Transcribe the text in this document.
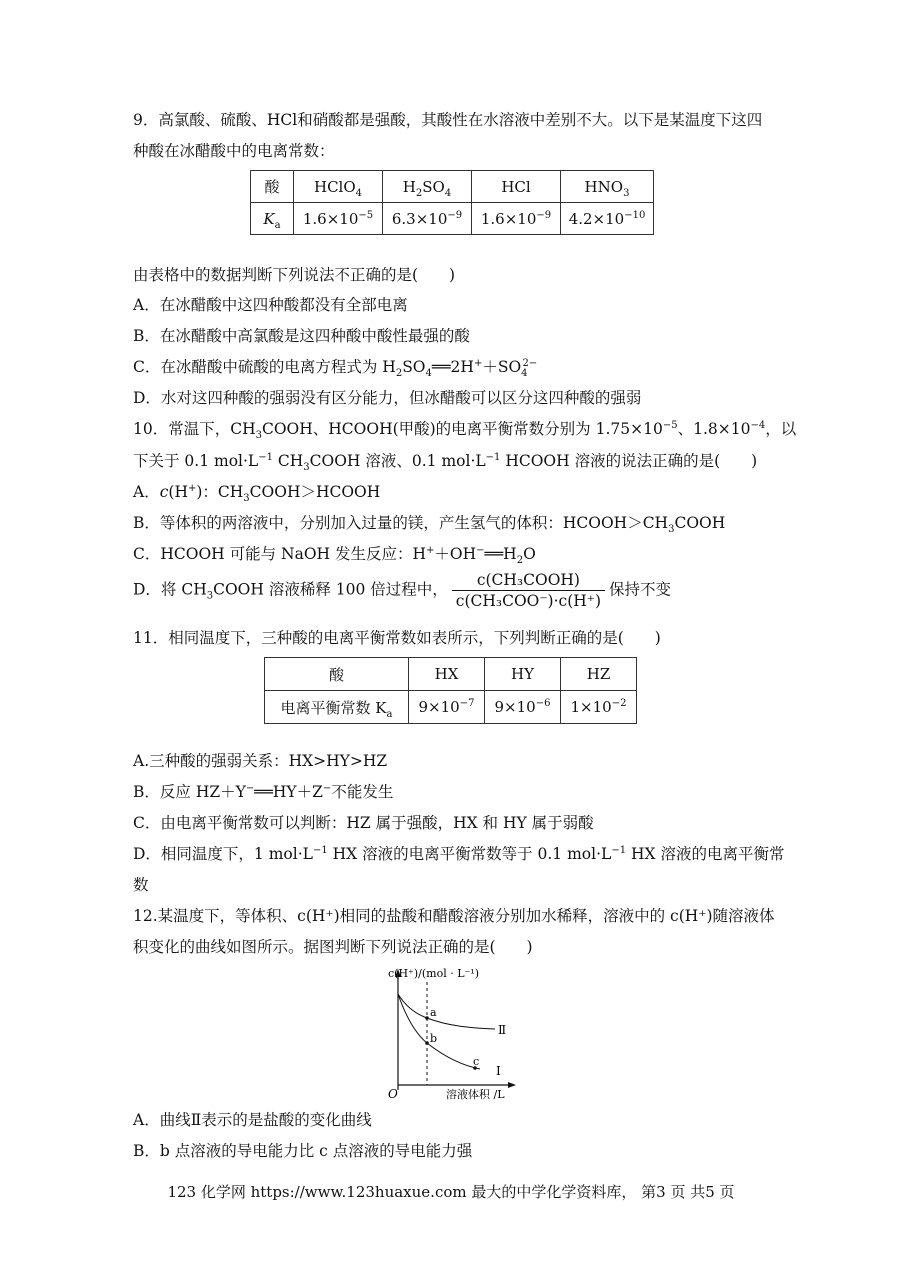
9．高氯酸、硫酸、HCl和硝酸都是强酸，其酸性在水溶液中差别不大。以下是某温度下这四
种酸在冰醋酸中的电离常数：
酸	HClO$_4$	$H_2SO_4$	HCl	$HNO_3$
$K_a$	$1.6\times 10^{-5}$	$6.3\times 10^{-9}$	$1.6\times 10^{-9}$	$4.2\times 10^{-10}$
由表格中的数据判断下列说法不正确的是(　　)
A．在冰醋酸中这四种酸都没有全部电离
B．在冰醋酸中高氯酸是这四种酸中酸性最强的酸
C．在冰醋酸中硫酸的电离方程式为 $H_2SO_4══2H^++SO_4^{2-}$
D．水对这四种酸的强弱没有区分能力，但冰醋酸可以区分这四种酸的强弱
10．常温下，$CH_3COOH$、HCOOH(甲酸)的电离平衡常数分别为 $1.75\times 10^{-5}$、$1.8\times 10^{-4}$，以
下关于 0.1 $mol\cdot L^{-1}$ $CH_3COOH$ 溶液、0.1 $mol\cdot L^{-1}$ HCOOH 溶液的说法正确的是(　　)
A．c(H+)：$CH_3COOH>HCOOH$
B．等体积的两溶液中，分别加入过量的镁，产生氢气的体积：$HCOOH>CH_3COOH$
C．HCOOH 可能与 NaOH 发生反应：$H^++OH^-══H_2O$
D．将 $CH_3COOH$ 溶液稀释 100 倍过程中， $\frac{\text{c(CH₃COOH)}}{\text{c(CH₃COO⁻)·c(H⁺)}}$ 保持不变
11．相同温度下，三种酸的电离平衡常数如表所示，下列判断正确的是(　　)
酸	HX	HY	HZ
电离平衡常数 $K_a$	$9\times 10^{-7}$	$9\times 10^{-6}$	$1\times 10^{-2}$
A.三种酸的强弱关系：HX>HY>HZ
B．反应 HZ＋Y−══HY＋Z−不能发生
C．由电离平衡常数可以判断：HZ 属于强酸，HX 和 HY 属于弱酸
D．相同温度下，1 $mol\cdot L^{-1}$ HX 溶液的电离平衡常数等于 0.1 $mol\cdot L^{-1}$ HX 溶液的电离平衡常
数
12.某温度下，等体积、c(H⁺)相同的盐酸和醋酸溶液分别加水稀释，溶液中的 c(H⁺)随溶液体
积变化的曲线如图所示。据图判断下列说法正确的是(　　)
c(H⁺)/(mol · L⁻¹)
溶液体积 /L
O
a
b
c
Ⅱ
Ⅰ
A．曲线Ⅱ表示的是盐酸的变化曲线
B．b 点溶液的导电能力比 c 点溶液的导电能力强
123 化学网 https://www.123huaxue.com 最大的中学化学资料库， 第3 页 共5 页
